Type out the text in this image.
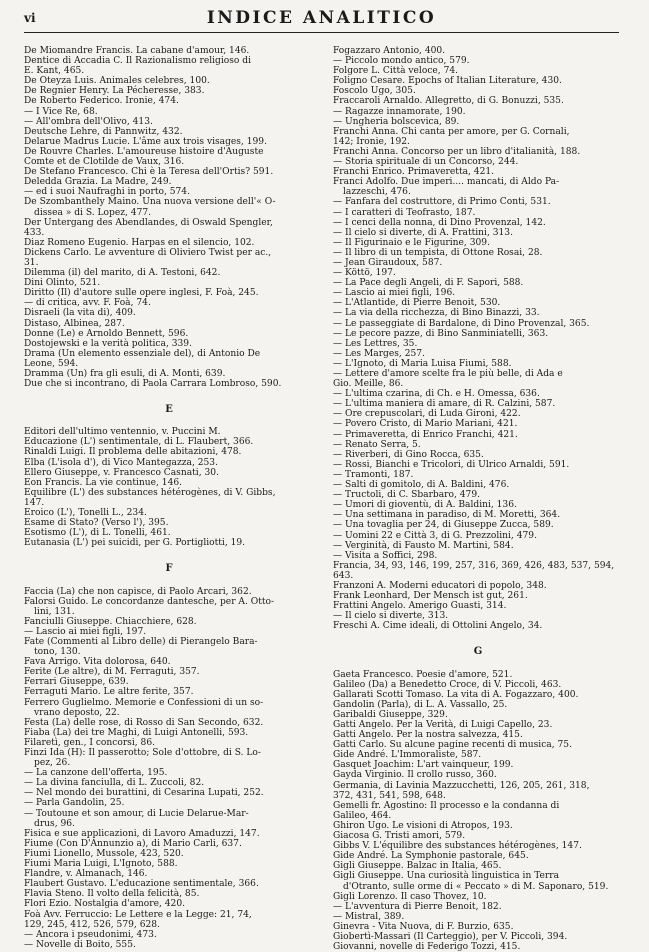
vi	INDICE ANALITICO
De Miomandre Francis. La cabane d'amour, 146.
Dentice di Accadia C. Il Razionalismo religioso di
E. Kant, 465.
De Oteyza Luis. Animales celebres, 100.
De Regnier Henry. La Pécheresse, 383.
De Roberto Federico. Ironie, 474.
— I Vice Re, 68.
— All'ombra dell'Olivo, 413.
Deutsche Lehre, di Pannwitz, 432.
Delarue Madrus Lucie. L'âme aux trois visages, 199.
De Rouvre Charles. L'amoureuse histoire d'Auguste
Comte et de Clotilde de Vaux, 316.
De Stefano Francesco. Chi è la Teresa dell'Ortis? 591.
Deledda Grazia. La Madre, 249.
— ed i suoi Naufraghi in porto, 574.
De Szombanthely Maino. Una nuova versione dell'« O-
dissea » di S. Lopez, 477.
Der Untergang des Abendlandes, di Oswald Spengler,
433.
Diaz Romeno Eugenio. Harpas en el silencio, 102.
Dickens Carlo. Le avventure di Oliviero Twist per ac.,
31.
Dilemma (il) del marito, di A. Testoni, 642.
Dini Olinto, 521.
Diritto (Il) d'autore sulle opere inglesi, F. Foà, 245.
— di critica, avv. F. Foà, 74.
Disraeli (la vita di), 409.
Distaso, Albinea, 287.
Donne (Le) e Arnoldo Bennett, 596.
Dostojewski e la verità politica, 339.
Drama (Un elemento essenziale del), di Antonio De
Leone, 594.
Dramma (Un) fra gli esuli, di A. Monti, 639.
Due che si incontrano, di Paola Carrara Lombroso, 590.
E
Editori dell'ultimo ventennio, v. Puccini M.
Educazione (L') sentimentale, di L. Flaubert, 366.
Rinaldi Luigi. Il problema delle abitazioni, 478.
Elba (L'isola d'), di Vico Mantegazza, 253.
Ellero Giuseppe, v. Francesco Casnati, 30.
Eon Francis. La vie continue, 146.
Equilibre (L') des substances hétérogènes, di V. Gibbs,
147.
Eroico (L'), Tonelli L., 234.
Esame di Stato? (Verso l'), 395.
Esotismo (L'), di L. Tonelli, 461.
Eutanasia (L') pei suicidi, per G. Portigliotti, 19.
F
Faccia (La) che non capisce, di Paolo Arcari, 362.
Falorsi Guido. Le concordanze dantesche, per A. Otto-
lini, 131.
Fanciulli Giuseppe. Chiacchiere, 628.
— Lascio ai miei figli, 197.
Fate (Commenti al Libro delle) di Pierangelo Bara-
tono, 130.
Fava Arrigo. Vita dolorosa, 640.
Ferite (Le altre), di M. Ferraguti, 357.
Ferrari Giuseppe, 639.
Ferraguti Mario. Le altre ferite, 357.
Ferrero Guglielmo. Memorie e Confessioni di un so-
vrano deposto, 22.
Festa (La) delle rose, di Rosso di San Secondo, 632.
Fiaba (La) dei tre Maghi, di Luigi Antonelli, 593.
Filaretì, gen., I concorsi, 86.
Finzi Ida (H): Il passerotto; Sole d'ottobre, di S. Lo-
pez, 26.
— La canzone dell'offerta, 195.
— La divina fanciulla, di L. Zuccoli, 82.
— Nel mondo dei burattini, di Cesarina Lupati, 252.
— Parla Gandolin, 25.
— Toutoune et son amour, di Lucie Delarue-Mar-
drus, 96.
Fisica e sue applicazioni, di Lavoro Amaduzzi, 147.
Fiume (Con D'Annunzio a), di Mario Carli, 637.
Fiumi Lionello, Mussole, 423, 520.
Fiumi Maria Luigi, L'Ignoto, 588.
Flandre, v. Almanach, 146.
Flaubert Gustavo. L'educazione sentimentale, 366.
Flavia Steno. Il volto della felicità, 85.
Flori Ezio. Nostalgia d'amore, 420.
Foà Avv. Ferruccio: Le Lettere e la Legge: 21, 74,
129, 245, 412, 526, 579, 628.
— Ancora i pseudonimi, 473.
— Novelle di Boito, 555.
Fogazzaro Antonio, 400.
— Piccolo mondo antico, 579.
Folgore L. Città veloce, 74.
Foligno Cesare. Epochs of Italian Literature, 430.
Foscolo Ugo, 305.
Fraccaroli Arnaldo. Allegretto, di G. Bonuzzi, 535.
— Ragazze innamorate, 190.
— Ungheria bolscevica, 89.
Franchi Anna. Chi canta per amore, per G. Cornali,
142; Ironie, 192.
Franchi Anna. Concorso per un libro d'italianità, 188.
— Storia spirituale di un Concorso, 244.
Franchi Enrico. Primaveretta, 421.
Franci Adolfo. Due imperi.... mancati, di Aldo Pa-
lazzeschi, 476.
— Fanfara del costruttore, di Primo Conti, 531.
— I caratteri di Teofrasto, 187.
— I cenci della nonna, di Dino Provenzal, 142.
— Il cielo si diverte, di A. Frattini, 313.
— Il Figurinaio e le Figurine, 309.
— Il libro di un tempista, di Ottone Rosai, 28.
— Jean Giraudoux, 587.
— Köttö, 197.
— La Pace degli Angeli, di F. Sapori, 588.
— Lascio ai miei figli, 196.
— L'Atlantide, di Pierre Benoit, 530.
— La via della ricchezza, di Bino Binazzi, 33.
— Le passeggiate di Bardalone, di Dino Provenzal, 365.
— Le pecore pazze, di Bino Sanminiatelli, 363.
— Les Lettres, 35.
— Les Marges, 257.
— L'Ignoto, di Maria Luisa Fiumi, 588.
— Lettere d'amore scelte fra le più belle, di Ada e
Gio. Meille, 86.
— L'ultima czarina, di Ch. e H. Omessa, 636.
— L'ultima maniera di amare, di R. Calzini, 587.
— Ore crepuscolari, di Luda Gironi, 422.
— Povero Cristo, di Mario Mariani, 421.
— Primaveretta, di Enrico Franchi, 421.
— Renato Serra, 5.
— Riverberi, di Gino Rocca, 635.
— Rossi, Bianchi e Tricolori, di Ulrico Arnaldi, 591.
— Tramonti, 187.
— Salti di gomitolo, di A. Baldini, 476.
— Tructoli, di C. Sbarbaro, 479.
— Umori di gioventù, di A. Baldini, 136.
— Una settimana in paradiso, di M. Moretti, 364.
— Una tovaglia per 24, di Giuseppe Zucca, 589.
— Uomini 22 e Città 3, di G. Prezzolini, 479.
— Verginità, di Fausto M. Martini, 584.
— Visita a Soffici, 298.
Francia, 34, 93, 146, 199, 257, 316, 369, 426, 483, 537, 594,
643.
Franzoni A. Moderni educatori di popolo, 348.
Frank Leonhard, Der Mensch ist gut, 261.
Frattini Angelo. Amerigo Guasti, 314.
— Il cielo si diverte, 313.
Freschi A. Cime ideali, di Ottolini Angelo, 34.
G
Gaeta Francesco. Poesie d'amore, 521.
Galileo (Da) a Benedetto Croce, di V. Piccoli, 463.
Gallarati Scotti Tomaso. La vita di A. Fogazzaro, 400.
Gandolin (Parla), di L. A. Vassallo, 25.
Garibaldi Giuseppe, 329.
Gatti Angelo. Per la Verità, di Luigi Capello, 23.
Gatti Angelo. Per la nostra salvezza, 415.
Gatti Carlo. Su alcune pagine recenti di musica, 75.
Gide André. L'Immoraliste, 587.
Gasquet Joachim: L'art vainqueur, 199.
Gayda Virginio. Il crollo russo, 360.
Germania, di Lavinia Mazzucchetti, 126, 205, 261, 318,
372, 431, 541, 598, 648.
Gemelli fr. Agostino: Il processo e la condanna di
Galileo, 464.
Ghiron Ugo. Le visioni di Atropos, 193.
Giacosa G. Tristi amori, 579.
Gibbs V. L'équilibre des substances hétérogènes, 147.
Gide André. La Symphonie pastorale, 645.
Gigli Giuseppe. Balzac in Italia, 465.
Gigli Giuseppe. Una curiosità linguistica in Terra
d'Otranto, sulle orme di « Peccato » di M. Saponaro, 519.
Gigli Lorenzo. Il caso Thovez, 10.
— L'avventura di Pierre Benoit, 182.
— Mistral, 389.
Ginevra - Vita Nuova, di F. Burzio, 635.
Giobertì-Massari (Il Carteggio), per V. Piccoli, 394.
Giovanni, novelle di Federigo Tozzi, 415.
